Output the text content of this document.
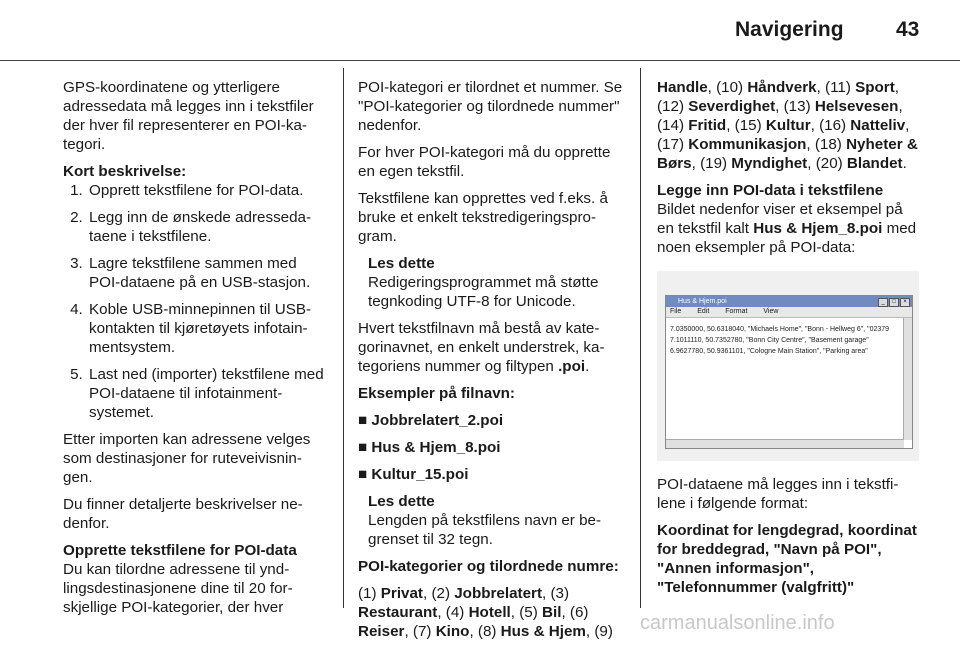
Navigering 43

GPS-koordinatene og ytterligere adressedata må legges inn i tekstfiler der hver fil representerer en POI-ka-tegori.

Kort beskrivelse:
1. Opprett tekstfilene for POI-data.
2. Legg inn de ønskede adresseda-taene i tekstfilene.
3. Lagre tekstfilene sammen med POI-dataene på en USB-stasjon.
4. Koble USB-minnepinnen til USB-kontakten til kjøretøyets infotain-mentsystem.
5. Last ned (importer) tekstfilene med POI-dataene til infotainment-systemet.

Etter importen kan adressene velges som destinasjoner for ruteveivisnin-gen.

Du finner detaljerte beskrivelser ne-denfor.

Opprette tekstfilene for POI-data

Du kan tilordne adressene til ynd-lingsdestinasjonene dine til 20 for-skjellige POI-kategorier, der hver

POI-kategori er tilordnet et nummer. Se "POI-kategorier og tilordnede nummer" nedenfor.

For hver POI-kategori må du opprette en egen tekstfil.

Tekstfilene kan opprettes ved f.eks. å bruke et enkelt tekstredigeringspro-gram.

Les dette
Redigeringsprogrammet må støtte tegnkoding UTF-8 for Unicode.

Hvert tekstfilnavn må bestå av kate-gorinavnet, en enkelt understrek, ka-tegoriens nummer og filtypen .poi.

Eksempler på filnavn:
■ Jobbrelatert_2.poi
■ Hus & Hjem_8.poi
■ Kultur_15.poi
Les dette
Lengden på tekstfilens navn er be-grenset til 32 tegn.
POI-kategorier og tilordnede numre:

(1) Privat, (2) Jobbrelatert, (3) Restaurant, (4) Hotell, (5) Bil, (6) Reiser, (7) Kino, (8) Hus & Hjem, (9)

Handle, (10) Håndverk, (11) Sport, (12) Severdighet, (13) Helsevesen, (14) Fritid, (15) Kultur, (16) Natteliv, (17) Kommunikasjon, (18) Nyheter & Børs, (19) Myndighet, (20) Blandet.

Legge inn POI-data i tekstfilene

Bildet nedenfor viser et eksempel på en tekstfil kalt Hus & Hjem_8.poi med noen eksempler på POI-data:

Hus & Hjem.poi	_	□	×
File Edit Format View
7.0350000, 50.6318040, "Michaels Home", "Bonn - Hellweg 6", "02379
7.1011110, 50.7352780, "Bonn City Centre", "Basement garage"
6.9627780, 50.9361101, "Cologne Main Station", "Parking area"

POI-dataene må legges inn i tekstfi-lene i følgende format:

Koordinat for lengdegrad, koordinat for breddegrad, "Navn på POI",
"Annen informasjon",
"Telefonnummer (valgfritt)"
carmanualsonline.info
